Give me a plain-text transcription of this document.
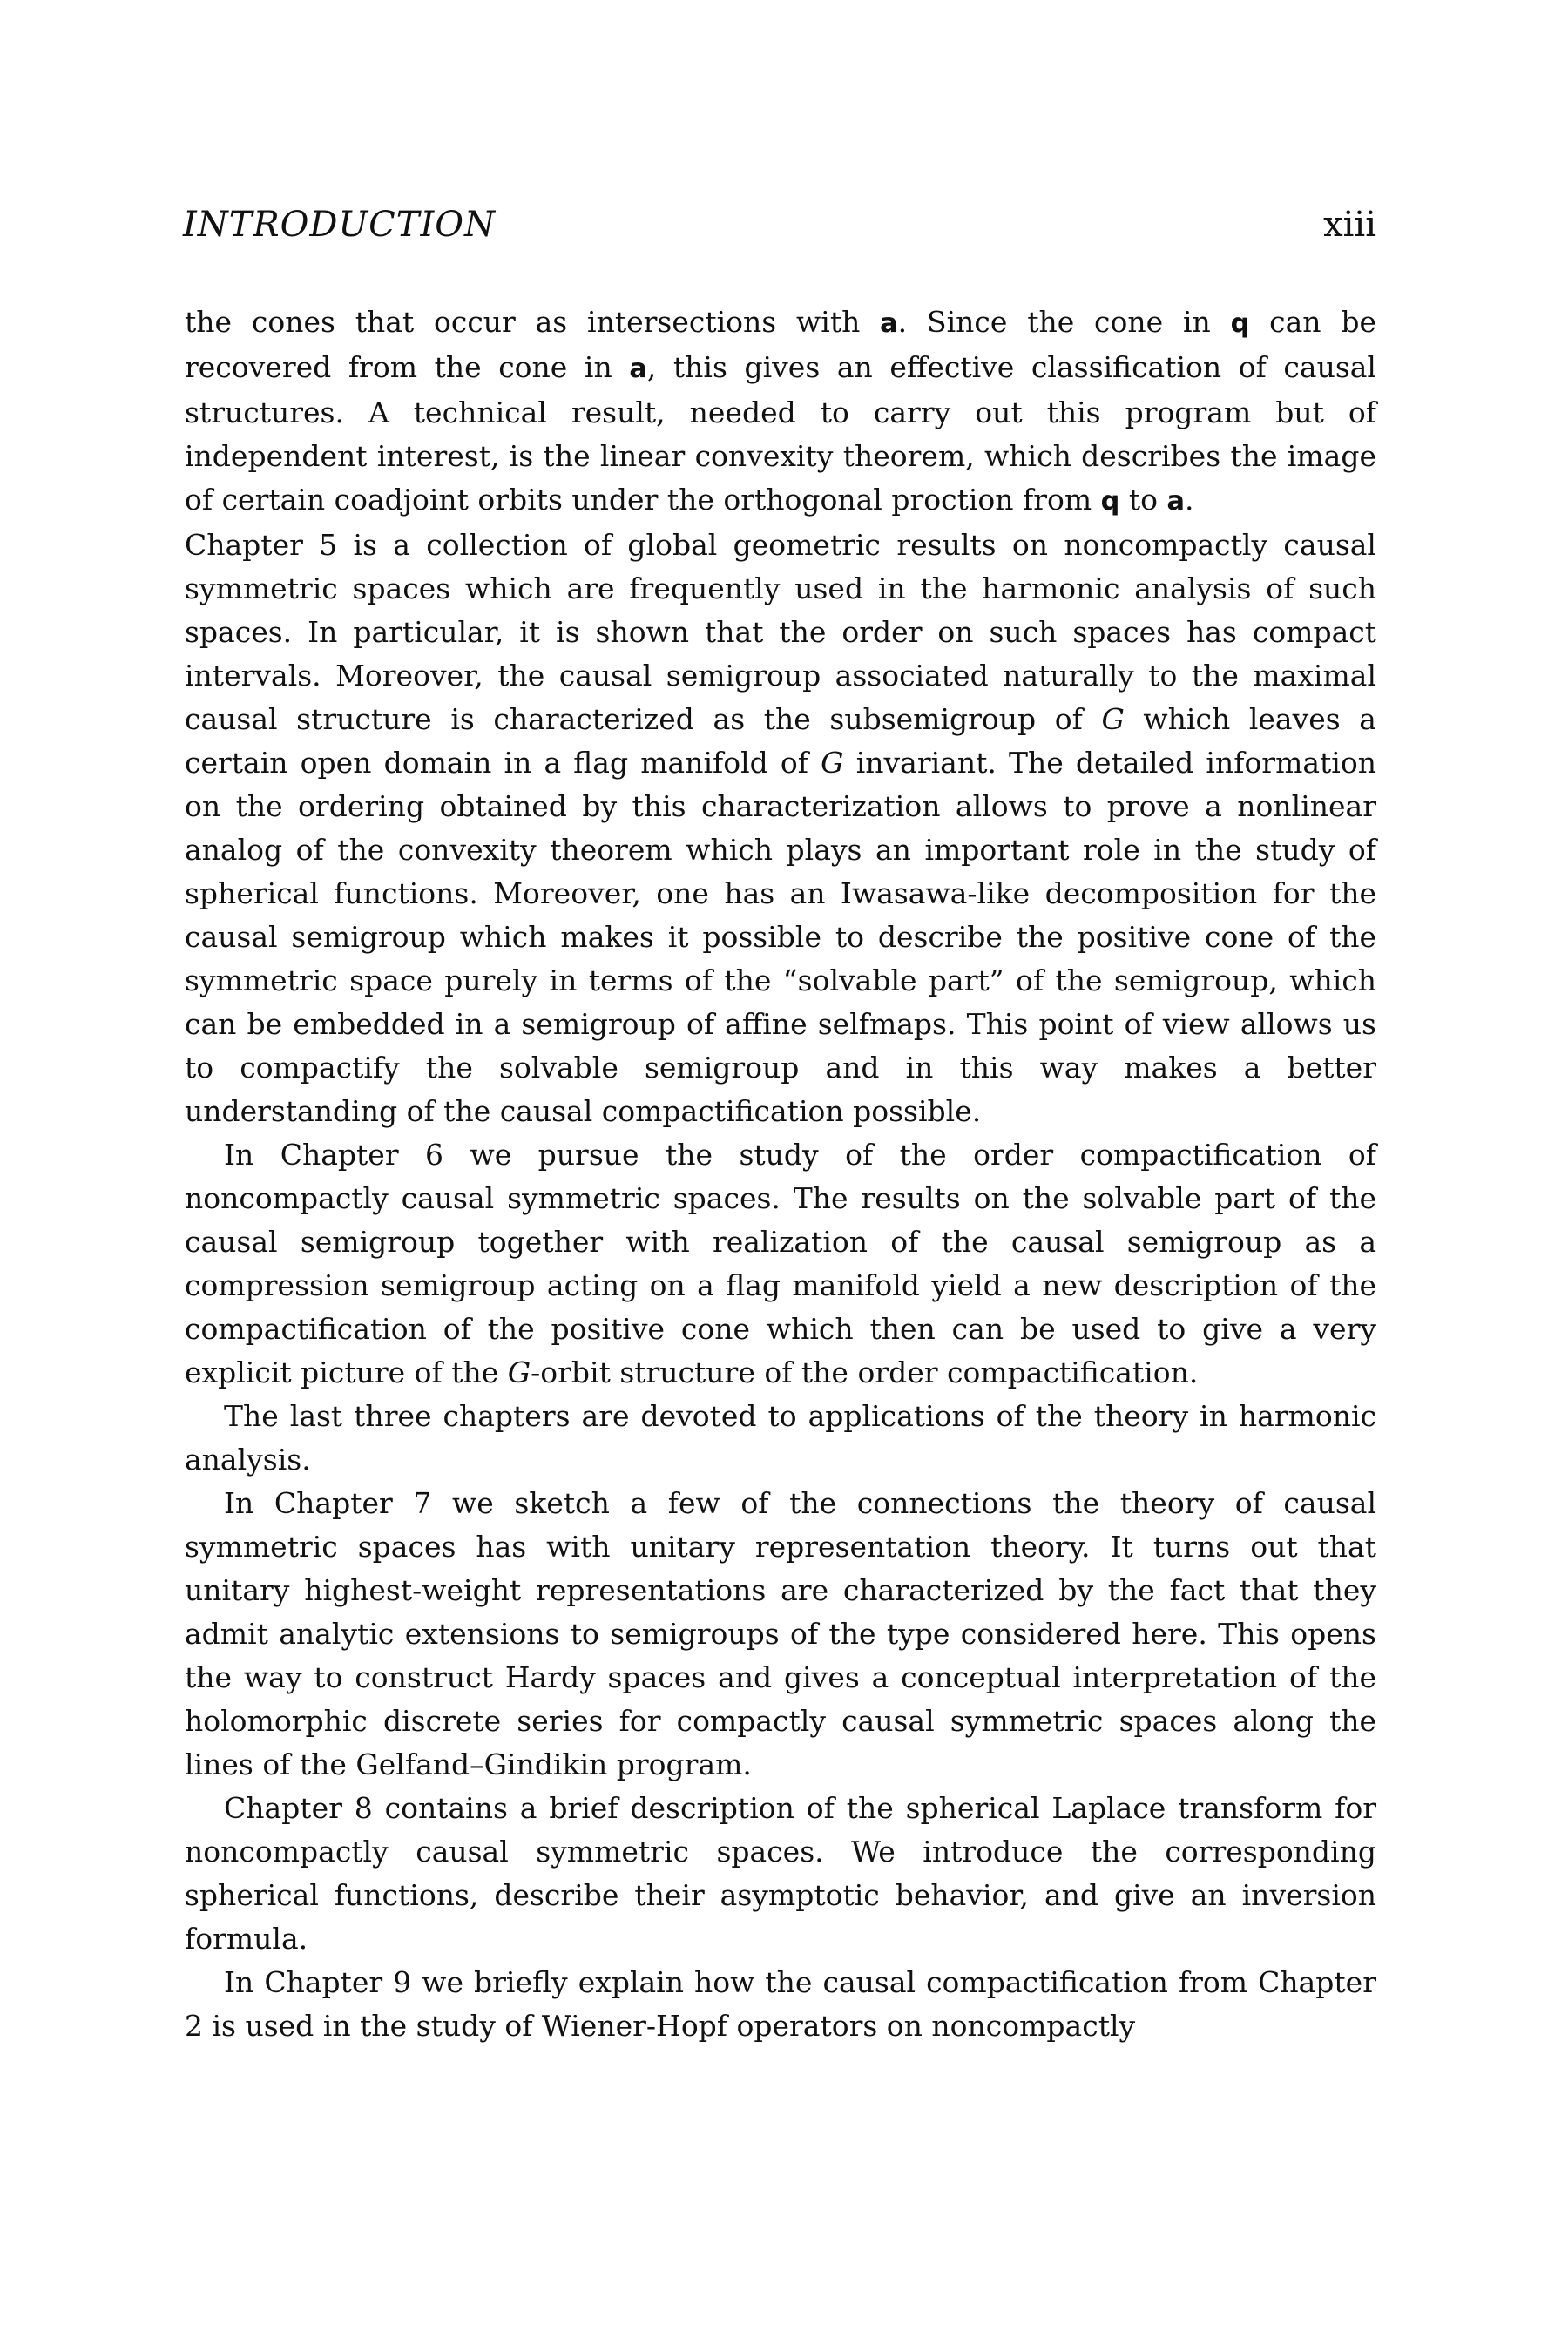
INTRODUCTION	xiii

the cones that occur as intersections with a. Since the cone in q can be recovered from the cone in a, this gives an effective classification of causal structures. A technical result, needed to carry out this program but of independent interest, is the linear convexity theorem, which describes the image of certain coadjoint orbits under the orthogonal proction from q to a.

Chapter 5 is a collection of global geometric results on noncompactly causal symmetric spaces which are frequently used in the harmonic analysis of such spaces. In particular, it is shown that the order on such spaces has compact intervals. Moreover, the causal semigroup associated naturally to the maximal causal structure is characterized as the subsemigroup of G which leaves a certain open domain in a flag manifold of G invariant. The detailed information on the ordering obtained by this characterization allows to prove a nonlinear analog of the convexity theorem which plays an important role in the study of spherical functions. Moreover, one has an Iwasawa-like decomposition for the causal semigroup which makes it possible to describe the positive cone of the symmetric space purely in terms of the “solvable part” of the semigroup, which can be embedded in a semigroup of affine selfmaps. This point of view allows us to compactify the solvable semigroup and in this way makes a better understanding of the causal compactification possible.

In Chapter 6 we pursue the study of the order compactification of noncompactly causal symmetric spaces. The results on the solvable part of the causal semigroup together with realization of the causal semigroup as a compression semigroup acting on a flag manifold yield a new description of the compactification of the positive cone which then can be used to give a very explicit picture of the G-orbit structure of the order compactification.

The last three chapters are devoted to applications of the theory in harmonic analysis.

In Chapter 7 we sketch a few of the connections the theory of causal symmetric spaces has with unitary representation theory. It turns out that unitary highest-weight representations are characterized by the fact that they admit analytic extensions to semigroups of the type considered here. This opens the way to construct Hardy spaces and gives a conceptual interpretation of the holomorphic discrete series for compactly causal symmetric spaces along the lines of the Gelfand–Gindikin program.

Chapter 8 contains a brief description of the spherical Laplace transform for noncompactly causal symmetric spaces. We introduce the corresponding spherical functions, describe their asymptotic behavior, and give an inversion formula.

In Chapter 9 we briefly explain how the causal compactification from Chapter 2 is used in the study of Wiener-Hopf operators on noncompactly
